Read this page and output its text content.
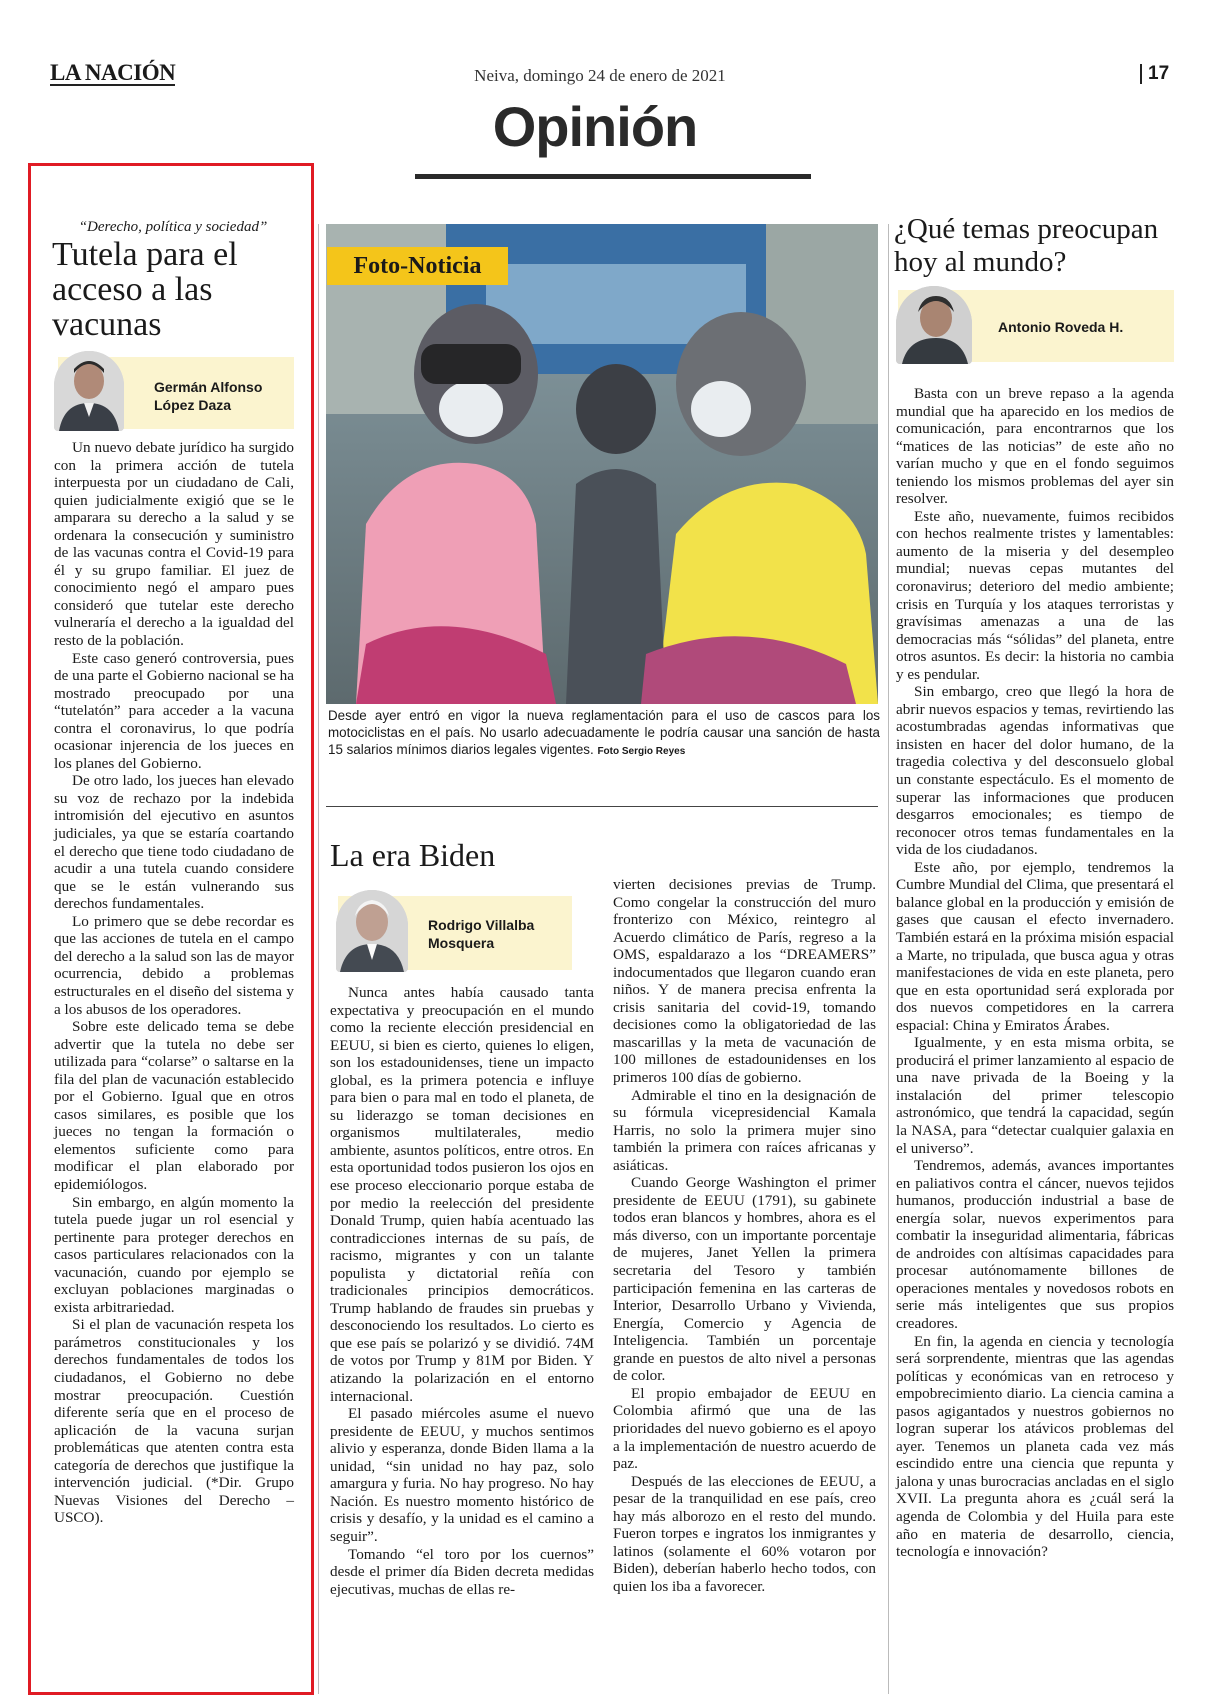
LA NACIÓN	Neiva, domingo 24 de enero de 2021	17
Opinión
“Derecho, política y sociedad”
Tutela para el acceso a las vacunas
Germán Alfonso
López Daza

Un nuevo debate jurídico ha surgido con la primera acción de tutela interpuesta por un ciudadano de Cali, quien judicialmente exigió que se le amparara su derecho a la salud y se ordenara la consecución y suministro de las vacunas contra el Covid-19 para él y su grupo familiar. El juez de conocimiento negó el amparo pues consideró que tutelar este derecho vulneraría el derecho a la igualdad del resto de la población.

Este caso generó controversia, pues de una parte el Gobierno nacional se ha mostrado preocupado por una “tutelatón” para acceder a la vacuna contra el coronavirus, lo que podría ocasionar injerencia de los jueces en los planes del Gobierno.

De otro lado, los jueces han elevado su voz de rechazo por la indebida intromisión del ejecutivo en asuntos judiciales, ya que se estaría coartando el derecho que tiene todo ciudadano de acudir a una tutela cuando considere que se le están vulnerando sus derechos fundamentales.

Lo primero que se debe recordar es que las acciones de tutela en el campo del derecho a la salud son las de mayor ocurrencia, debido a problemas estructurales en el diseño del sistema y a los abusos de los operadores.

Sobre este delicado tema se debe advertir que la tutela no debe ser utilizada para “colarse” o saltarse en la fila del plan de vacunación establecido por el Gobierno. Igual que en otros casos similares, es posible que los jueces no tengan la formación o elementos suficiente como para modificar el plan elaborado por epidemiólogos.

Sin embargo, en algún momento la tutela puede jugar un rol esencial y pertinente para proteger derechos en casos particulares relacionados con la vacunación, cuando por ejemplo se excluyan poblaciones marginadas o exista arbitrariedad.

Si el plan de vacunación respeta los parámetros constitucionales y los derechos fundamentales de todos los ciudadanos, el Gobierno no debe mostrar preocupación. Cuestión diferente sería que en el proceso de aplicación de la vacuna surjan problemáticas que atenten contra esta categoría de derechos que justifique la intervención judicial. (*Dir. Grupo Nuevas Visiones del Derecho – USCO).

Foto-Noticia
Desde ayer entró en vigor la nueva reglamentación para el uso de cascos para los motociclistas en el país. No usarlo adecuadamente le podría causar una sanción de hasta 15 salarios mínimos diarios legales vigentes. Foto Sergio Reyes
La era Biden
Rodrigo Villalba
Mosquera

Nunca antes había causado tanta expectativa y preocupación en el mundo como la reciente elección presidencial en EEUU, si bien es cierto, quienes lo eligen, son los estadounidenses, tiene un impacto global, es la primera potencia e influye para bien o para mal en todo el planeta, de su liderazgo se toman decisiones en organismos multilaterales, medio ambiente, asuntos políticos, entre otros. En esta oportunidad todos pusieron los ojos en ese proceso eleccionario porque estaba de por medio la reelección del presidente Donald Trump, quien había acentuado las contradicciones internas de su país, de racismo, migrantes y con un talante populista y dictatorial reñía con tradicionales principios democráticos. Trump hablando de fraudes sin pruebas y desconociendo los resultados. Lo cierto es que ese país se polarizó y se dividió. 74M de votos por Trump y 81M por Biden. Y atizando la polarización en el entorno internacional.

El pasado miércoles asume el nuevo presidente de EEUU, y muchos sentimos alivio y esperanza, donde Biden llama a la unidad, “sin unidad no hay paz, solo amargura y furia. No hay progreso. No hay Nación. Es nuestro momento histórico de crisis y desafío, y la unidad es el camino a seguir”.

Tomando “el toro por los cuernos” desde el primer día Biden decreta medidas ejecutivas, muchas de ellas re-

vierten decisiones previas de Trump. Como congelar la construcción del muro fronterizo con México, reintegro al Acuerdo climático de París, regreso a la OMS, espaldarazo a los “DREAMERS” indocumentados que llegaron cuando eran niños. Y de manera precisa enfrenta la crisis sanitaria del covid-19, tomando decisiones como la obligatoriedad de las mascarillas y la meta de vacunación de 100 millones de estadounidenses en los primeros 100 días de gobierno.

Admirable el tino en la designación de su fórmula vicepresidencial Kamala Harris, no solo la primera mujer sino también la primera con raíces africanas y asiáticas.

Cuando George Washington el primer presidente de EEUU (1791), su gabinete todos eran blancos y hombres, ahora es el más diverso, con un importante porcentaje de mujeres, Janet Yellen la primera secretaria del Tesoro y también participación femenina en las carteras de Interior, Desarrollo Urbano y Vivienda, Energía, Comercio y Agencia de Inteligencia. También un porcentaje grande en puestos de alto nivel a personas de color.

El propio embajador de EEUU en Colombia afirmó que una de las prioridades del nuevo gobierno es el apoyo a la implementación de nuestro acuerdo de paz.

Después de las elecciones de EEUU, a pesar de la tranquilidad en ese país, creo hay más alborozo en el resto del mundo. Fueron torpes e ingratos los inmigrantes y latinos (solamente el 60% votaron por Biden), deberían haberlo hecho todos, con quien los iba a favorecer.

¿Qué temas preocupan hoy al mundo?
Antonio Roveda H.

Basta con un breve repaso a la agenda mundial que ha aparecido en los medios de comunicación, para encontrarnos que los “matices de las noticias” de este año no varían mucho y que en el fondo seguimos teniendo los mismos problemas del ayer sin resolver.

Este año, nuevamente, fuimos recibidos con hechos realmente tristes y lamentables: aumento de la miseria y del desempleo mundial; nuevas cepas mutantes del coronavirus; deterioro del medio ambiente; crisis en Turquía y los ataques terroristas y gravísimas amenazas a una de las democracias más “sólidas” del planeta, entre otros asuntos. Es decir: la historia no cambia y es pendular.

Sin embargo, creo que llegó la hora de abrir nuevos espacios y temas, revirtiendo las acostumbradas agendas informativas que insisten en hacer del dolor humano, de la tragedia colectiva y del desconsuelo global un constante espectáculo. Es el momento de superar las informaciones que producen desgarros emocionales; es tiempo de reconocer otros temas fundamentales en la vida de los ciudadanos.

Este año, por ejemplo, tendremos la Cumbre Mundial del Clima, que presentará el balance global en la producción y emisión de gases que causan el efecto invernadero. También estará en la próxima misión espacial a Marte, no tripulada, que busca agua y otras manifestaciones de vida en este planeta, pero que en esta oportunidad será explorada por dos nuevos competidores en la carrera espacial: China y Emiratos Árabes.

Igualmente, y en esta misma orbita, se producirá el primer lanzamiento al espacio de una nave privada de la Boeing y la instalación del primer telescopio astronómico, que tendrá la capacidad, según la NASA, para “detectar cualquier galaxia en el universo”.

Tendremos, además, avances importantes en paliativos contra el cáncer, nuevos tejidos humanos, producción industrial a base de energía solar, nuevos experimentos para combatir la inseguridad alimentaria, fábricas de androides con altísimas capacidades para procesar autónomamente billones de operaciones mentales y novedosos robots en serie más inteligentes que sus propios creadores.

En fin, la agenda en ciencia y tecnología será sorprendente, mientras que las agendas políticas y económicas van en retroceso y empobrecimiento diario. La ciencia camina a pasos agigantados y nuestros gobiernos no logran superar los atávicos problemas del ayer. Tenemos un planeta cada vez más escindido entre una ciencia que repunta y jalona y unas burocracias ancladas en el siglo XVII. La pregunta ahora es ¿cuál será la agenda de Colombia y del Huila para este año en materia de desarrollo, ciencia, tecnología e innovación?
